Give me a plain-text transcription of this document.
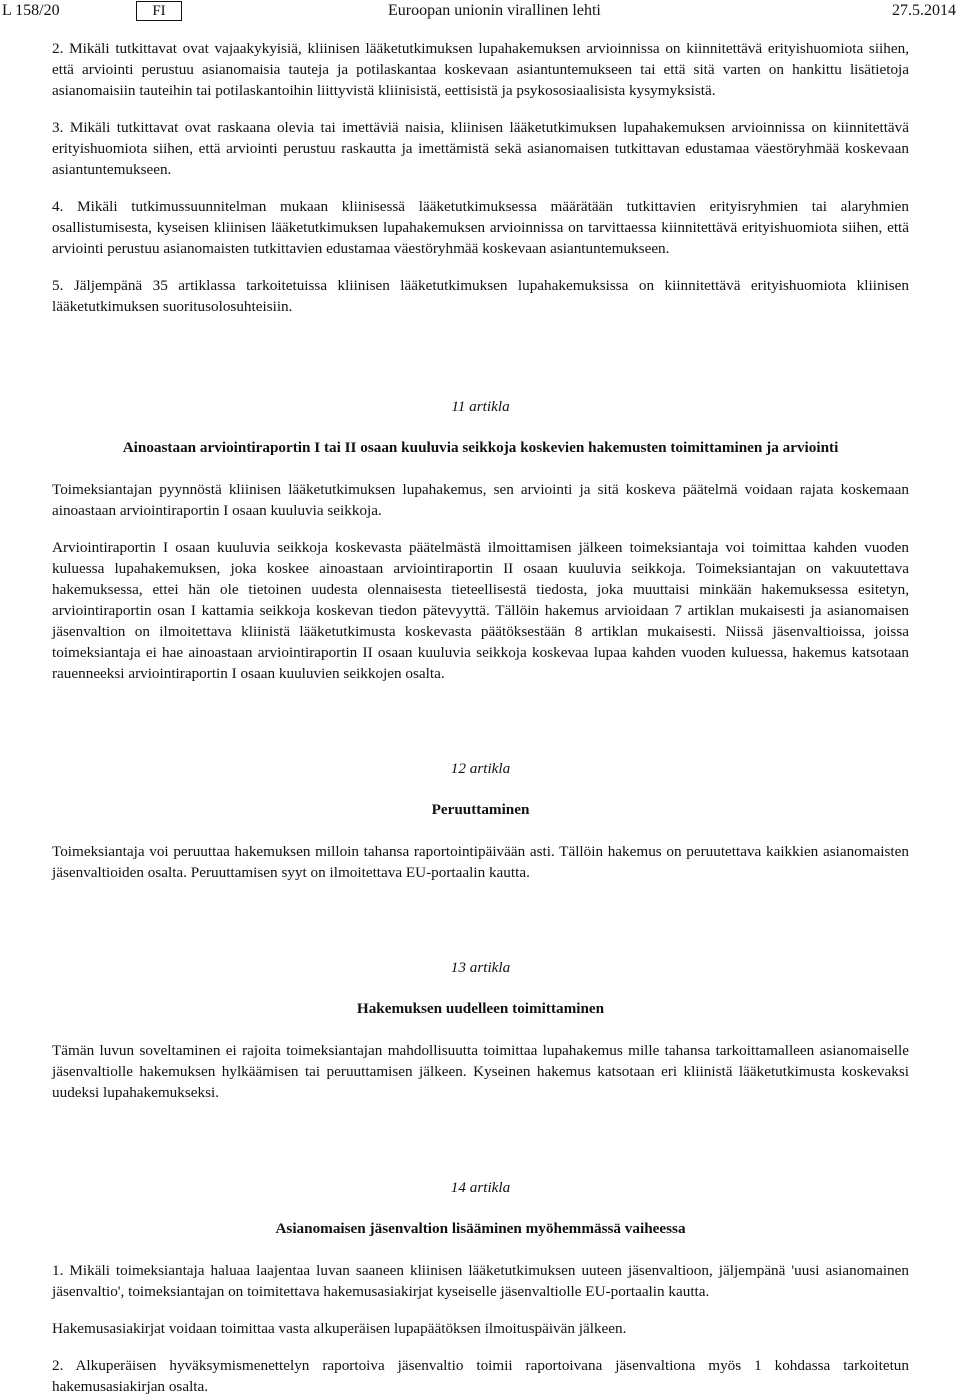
L 158/20	FI	Euroopan unionin virallinen lehti	27.5.2014

2. Mikäli tutkittavat ovat vajaakykyisiä, kliinisen lääketutkimuksen lupahakemuksen arvioinnissa on kiinnitettävä erityishuomiota siihen, että arviointi perustuu asianomaisia tauteja ja potilaskantaa koskevaan asiantuntemukseen tai että sitä varten on hankittu lisätietoja asianomaisiin tauteihin tai potilaskantoihin liittyvistä kliinisistä, eettisistä ja psykososiaalisista kysymyksistä.

3. Mikäli tutkittavat ovat raskaana olevia tai imettäviä naisia, kliinisen lääketutkimuksen lupahakemuksen arvioinnissa on kiinnitettävä erityishuomiota siihen, että arviointi perustuu raskautta ja imettämistä sekä asianomaisen tutkittavan edustamaa väestöryhmää koskevaan asiantuntemukseen.

4. Mikäli tutkimussuunnitelman mukaan kliinisessä lääketutkimuksessa määrätään tutkittavien erityisryhmien tai alaryhmien osallistumisesta, kyseisen kliinisen lääketutkimuksen lupahakemuksen arvioinnissa on tarvittaessa kiinnitettävä erityishuomiota siihen, että arviointi perustuu asianomaisten tutkittavien edustamaa väestöryhmää koskevaan asiantuntemukseen.

5. Jäljempänä 35 artiklassa tarkoitetuissa kliinisen lääketutkimuksen lupahakemuksissa on kiinnitettävä erityishuomiota kliinisen lääketutkimuksen suoritusolosuhteisiin.

11 artikla

Ainoastaan arviointiraportin I tai II osaan kuuluvia seikkoja koskevien hakemusten toimittaminen ja arviointi

Toimeksiantajan pyynnöstä kliinisen lääketutkimuksen lupahakemus, sen arviointi ja sitä koskeva päätelmä voidaan rajata koskemaan ainoastaan arviointiraportin I osaan kuuluvia seikkoja.

Arviointiraportin I osaan kuuluvia seikkoja koskevasta päätelmästä ilmoittamisen jälkeen toimeksiantaja voi toimittaa kahden vuoden kuluessa lupahakemuksen, joka koskee ainoastaan arviointiraportin II osaan kuuluvia seikkoja. Toimeksiantajan on vakuutettava hakemuksessa, ettei hän ole tietoinen uudesta olennaisesta tieteellisestä tiedosta, joka muuttaisi minkään hakemuksessa esitetyn, arviointiraportin osan I kattamia seikkoja koskevan tiedon pätevyyttä. Tällöin hakemus arvioidaan 7 artiklan mukaisesti ja asianomaisen jäsenvaltion on ilmoitettava kliinistä lääketutkimusta koskevasta päätöksestään 8 artiklan mukaisesti. Niissä jäsenvaltioissa, joissa toimeksiantaja ei hae ainoastaan arviointiraportin II osaan kuuluvia seikkoja koskevaa lupaa kahden vuoden kuluessa, hakemus katsotaan rauenneeksi arviointiraportin I osaan kuuluvien seikkojen osalta.

12 artikla

Peruuttaminen

Toimeksiantaja voi peruuttaa hakemuksen milloin tahansa raportointipäivään asti. Tällöin hakemus on peruutettava kaikkien asianomaisten jäsenvaltioiden osalta. Peruuttamisen syyt on ilmoitettava EU-portaalin kautta.

13 artikla

Hakemuksen uudelleen toimittaminen

Tämän luvun soveltaminen ei rajoita toimeksiantajan mahdollisuutta toimittaa lupahakemus mille tahansa tarkoittamalleen asianomaiselle jäsenvaltiolle hakemuksen hylkäämisen tai peruuttamisen jälkeen. Kyseinen hakemus katsotaan eri kliinistä lääketutkimusta koskevaksi uudeksi lupahakemukseksi.

14 artikla

Asianomaisen jäsenvaltion lisääminen myöhemmässä vaiheessa

1. Mikäli toimeksiantaja haluaa laajentaa luvan saaneen kliinisen lääketutkimuksen uuteen jäsenvaltioon, jäljempänä 'uusi asianomainen jäsenvaltio', toimeksiantajan on toimitettava hakemusasiakirjat kyseiselle jäsenvaltiolle EU-portaalin kautta.

Hakemusasiakirjat voidaan toimittaa vasta alkuperäisen lupapäätöksen ilmoituspäivän jälkeen.

2. Alkuperäisen hyväksymismenettelyn raportoiva jäsenvaltio toimii raportoivana jäsenvaltiona myös 1 kohdassa tarkoitetun hakemusasiakirjan osalta.
